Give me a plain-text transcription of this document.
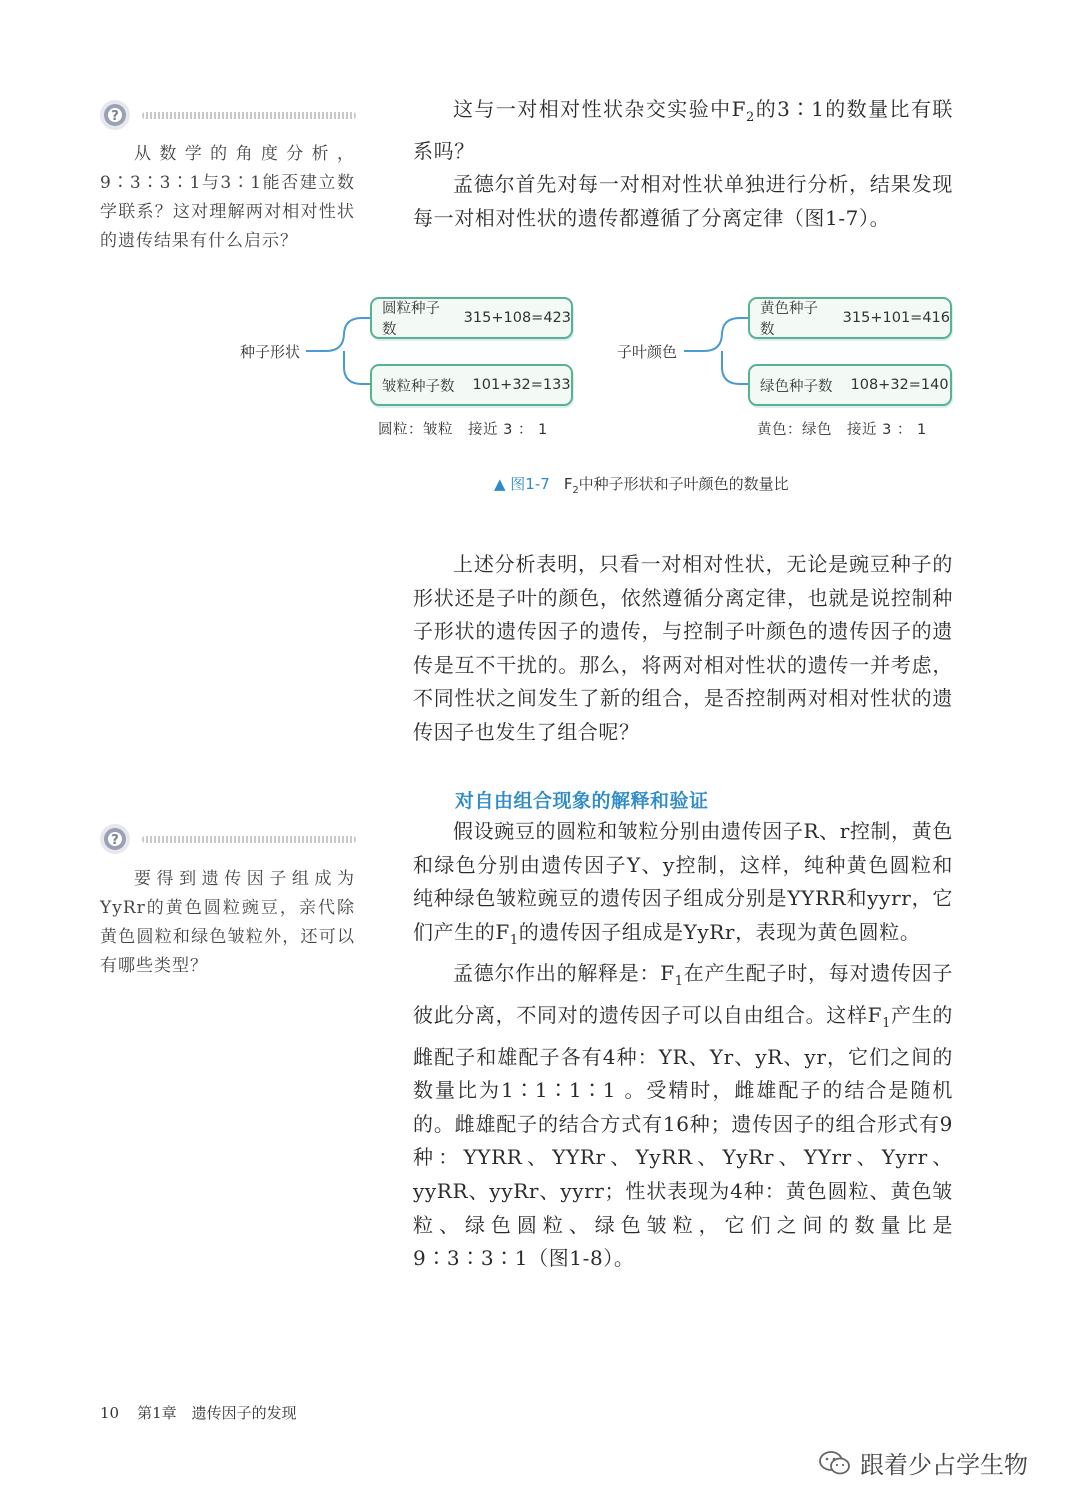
?
从数学的角度分析，9∶3∶3∶1与3∶1能否建立数学联系？这对理解两对相对性状的遗传结果有什么启示？

这与一对相对性状杂交实验中$F_2$的3∶1的数量比有联系吗？

孟德尔首先对每一对相对性状单独进行分析，结果发现每一对相对性状的遗传都遵循了分离定律（图1-7）。

种子形状
圆粒种子数
315+108=423
皱粒种子数 101+32=133
圆粒：皱粒　接近 3 ： 1
子叶颜色
黄色种子数
315+101=416
绿色种子数 108+32=140
黄色：绿色　接近 3 ： 1
▲ 图1-7 $F_2$中种子形状和子叶颜色的数量比

上述分析表明，只看一对相对性状，无论是豌豆种子的形状还是子叶的颜色，依然遵循分离定律，也就是说控制种子形状的遗传因子的遗传，与控制子叶颜色的遗传因子的遗传是互不干扰的。那么，将两对相对性状的遗传一并考虑，不同性状之间发生了新的组合，是否控制两对相对性状的遗传因子也发生了组合呢？

对自由组合现象的解释和验证
?
要得到遗传因子组成为YyRr的黄色圆粒豌豆，亲代除黄色圆粒和绿色皱粒外，还可以有哪些类型？

假设豌豆的圆粒和皱粒分别由遗传因子R、r控制，黄色和绿色分别由遗传因子Y、y控制，这样，纯种黄色圆粒和纯种绿色皱粒豌豆的遗传因子组成分别是YYRR和yyrr，它们产生的$F_1$的遗传因子组成是YyRr，表现为黄色圆粒。

孟德尔作出的解释是：$F_1$在产生配子时，每对遗传因子彼此分离，不同对的遗传因子可以自由组合。这样$F_1$产生的雌配子和雄配子各有4种：YR、Yr、yR、yr，它们之间的数量比为1∶1∶1∶1 。受精时，雌雄配子的结合是随机的。雌雄配子的结合方式有16种；遗传因子的组合形式有9种：YYRR、YYRr、YyRR、YyRr、YYrr、Yyrr、yyRR、yyRr、yyrr；性状表现为4种：黄色圆粒、黄色皱粒、绿色圆粒、绿色皱粒，它们之间的数量比是9∶3∶3∶1（图1-8）。

10 第1章　遗传因子的发现
跟着少占学生物
